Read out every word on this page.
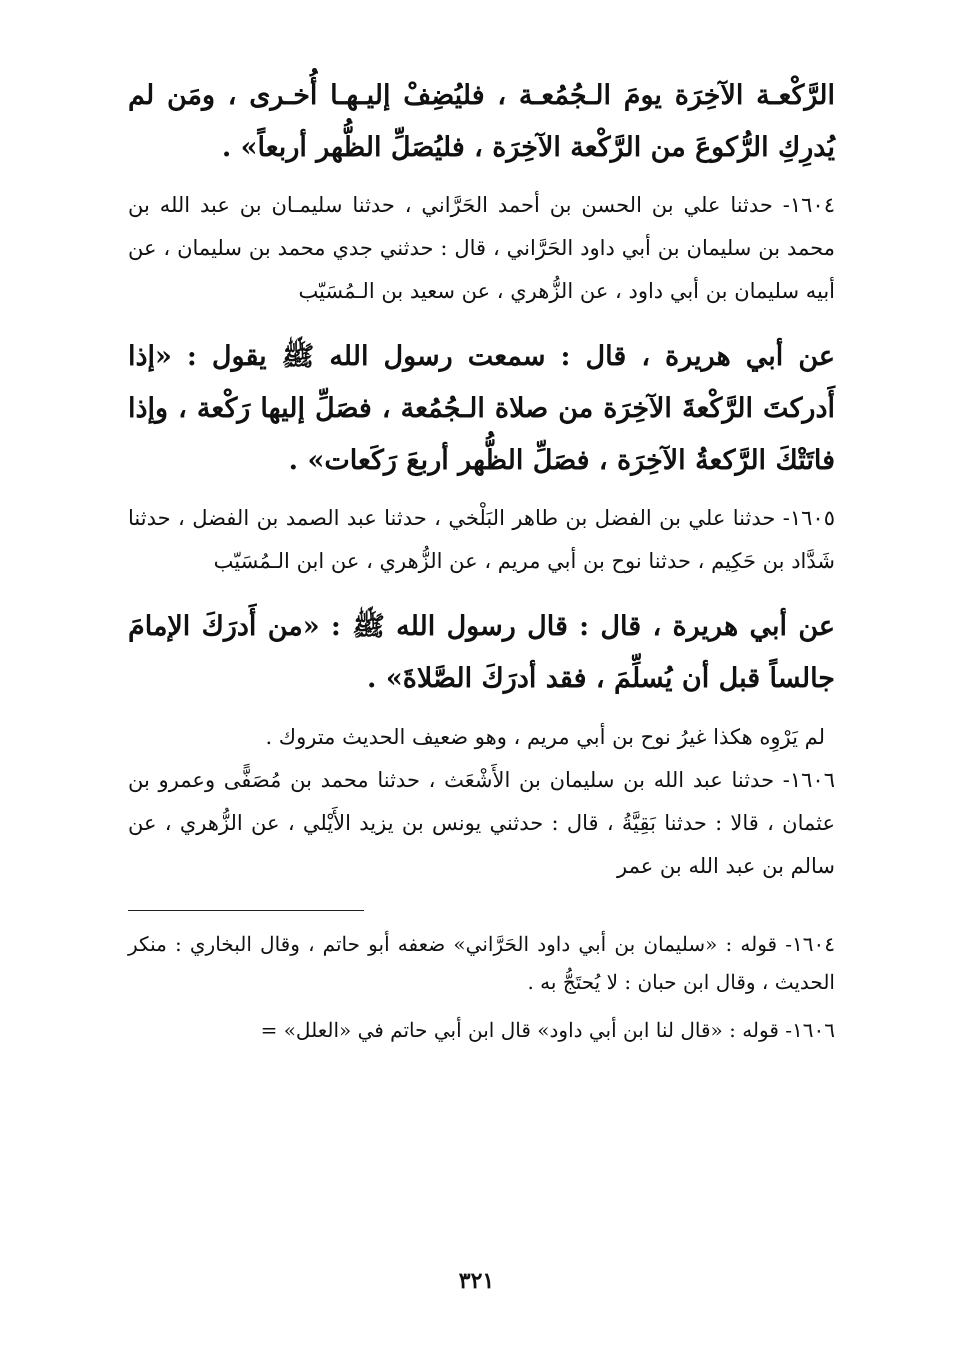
الرَّكْعـة الآخِرَة يومَ الـجُمُعـة ، فليُضِفْ إليـهـا أُخـرى ، ومَن لم يُدرِكِ الرُّكوعَ من الرَّكْعة الآخِرَة ، فليُصَلِّ الظُّهر أربعاً» .

١٦٠٤- حدثنا علي بن الحسن بن أحمد الحَرَّاني ، حدثنا سليمـان بن عبد الله بن محمد بن سليمان بن أبي داود الحَرَّاني ، قال : حدثني جدي محمد بن سليمان ، عن أبيه سليمان بن أبي داود ، عن الزُّهري ، عن سعيد بن الـمُسَيّب

عن أبي هريرة ، قال : سمعت رسول الله ﷺ يقول : «إذا أَدركتَ الرَّكْعةَ الآخِرَة من صلاة الـجُمُعة ، فصَلِّ إليها رَكْعة ، وإذا فاتَتْكَ الرَّكعةُ الآخِرَة ، فصَلِّ الظُّهر أربعَ رَكَعات» .

١٦٠٥- حدثنا علي بن الفضل بن طاهر البَلْخي ، حدثنا عبد الصمد بن الفضل ، حدثنا شَدَّاد بن حَكِيم ، حدثنا نوح بن أبي مريم ، عن الزُّهري ، عن ابن الـمُسَيّب

عن أبي هريرة ، قال : قال رسول الله ﷺ : «من أَدرَكَ الإمامَ جالساً قبل أن يُسلِّمَ ، فقد أدرَكَ الصَّلاةَ» .

لم يَرْوِه هكذا غيرُ نوح بن أبي مريم ، وهو ضعيف الحديث متروك .

١٦٠٦- حدثنا عبد الله بن سليمان بن الأَشْعَث ، حدثنا محمد بن مُصَفًّى وعمرو بن عثمان ، قالا : حدثنا بَقِيَّةُ ، قال : حدثني يونس بن يزيد الأَيْلي ، عن الزُّهري ، عن سالم بن عبد الله بن عمر

١٦٠٤- قوله : «سليمان بن أبي داود الحَرَّاني» ضعفه أبو حاتم ، وقال البخاري : منكر الحديث ، وقال ابن حبان : لا يُحتَجُّ به .

١٦٠٦- قوله : «قال لنا ابن أبي داود» قال ابن أبي حاتم في «العلل» =

٣٢١
